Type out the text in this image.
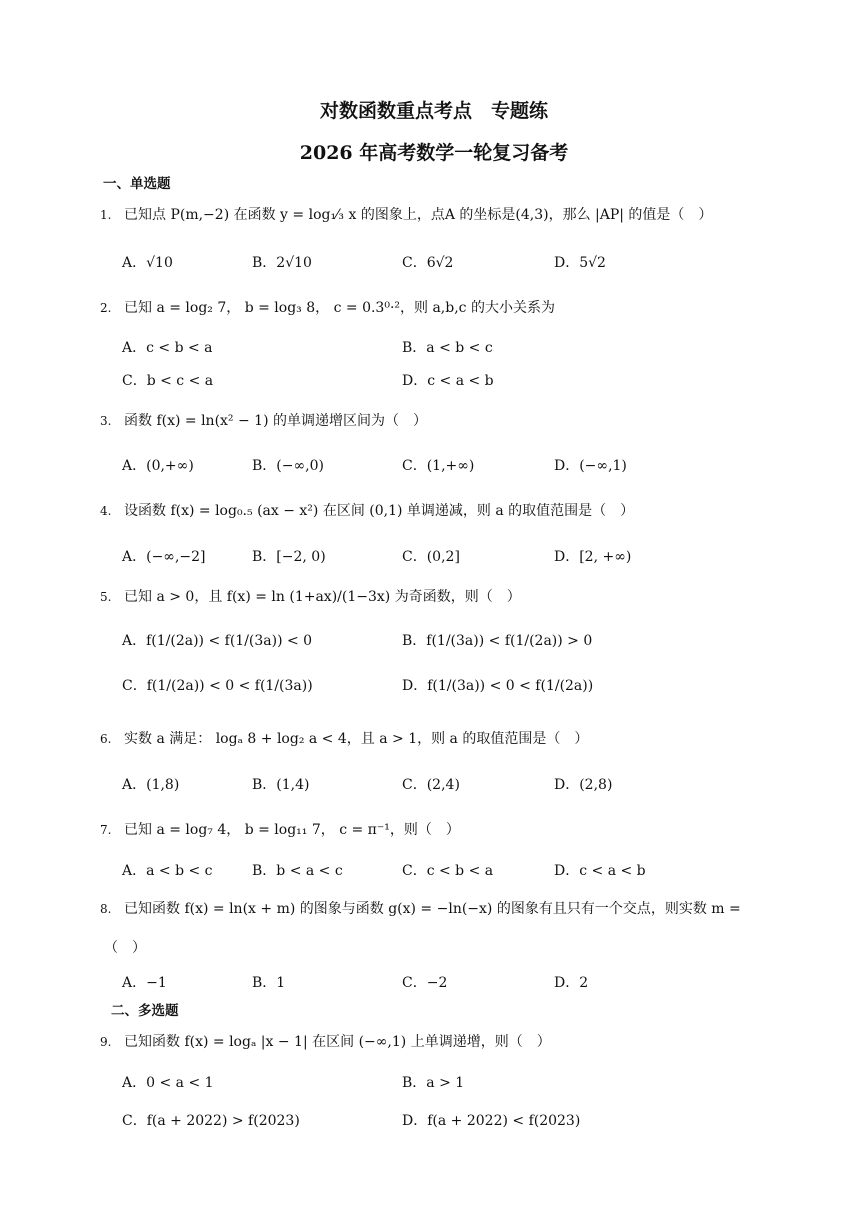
对数函数重点考点　专题练
2026 年高考数学一轮复习备考
一、单选题
1. 已知点 P(m,−2) 在函数 y = log₁⁄₃ x 的图象上，点A 的坐标是(4,3)，那么 |AP| 的值是（　）
A．√10	B．2√10	C．6√2	D．5√2
2. 已知 a = log₂ 7， b = log₃ 8， c = 0.3⁰·²，则 a,b,c 的大小关系为
A．c < b < a	B．a < b < c
C．b < c < a	D．c < a < b
3. 函数 f(x) = ln(x² − 1) 的单调递增区间为（　）
A．(0,+∞)	B．(−∞,0)	C．(1,+∞)	D．(−∞,1)
4. 设函数 f(x) = log₀.₅ (ax − x²) 在区间 (0,1) 单调递减，则 a 的取值范围是（　）
A．(−∞,−2]	B．[−2, 0)	C．(0,2]	D．[2, +∞)
5. 已知 a > 0，且 f(x) = ln (1+ax)/(1−3x) 为奇函数，则（　）
A．f(1/(2a)) < f(1/(3a)) < 0	B．f(1/(3a)) < f(1/(2a)) > 0
C．f(1/(2a)) < 0 < f(1/(3a))	D．f(1/(3a)) < 0 < f(1/(2a))
6. 实数 a 满足： logₐ 8 + log₂ a < 4，且 a > 1，则 a 的取值范围是（　）
A．(1,8)	B．(1,4)	C．(2,4)	D．(2,8)
7. 已知 a = log₇ 4， b = log₁₁ 7， c = π⁻¹，则（　）
A．a < b < c	B．b < a < c	C．c < b < a	D．c < a < b
8. 已知函数 f(x) = ln(x + m) 的图象与函数 g(x) = −ln(−x) 的图象有且只有一个交点，则实数 m =
（　）
A．−1	B．1	C．−2	D．2
二、多选题
9. 已知函数 f(x) = logₐ |x − 1| 在区间 (−∞,1) 上单调递增，则（　）
A．0 < a < 1	B．a > 1
C．f(a + 2022) > f(2023)	D．f(a + 2022) < f(2023)
